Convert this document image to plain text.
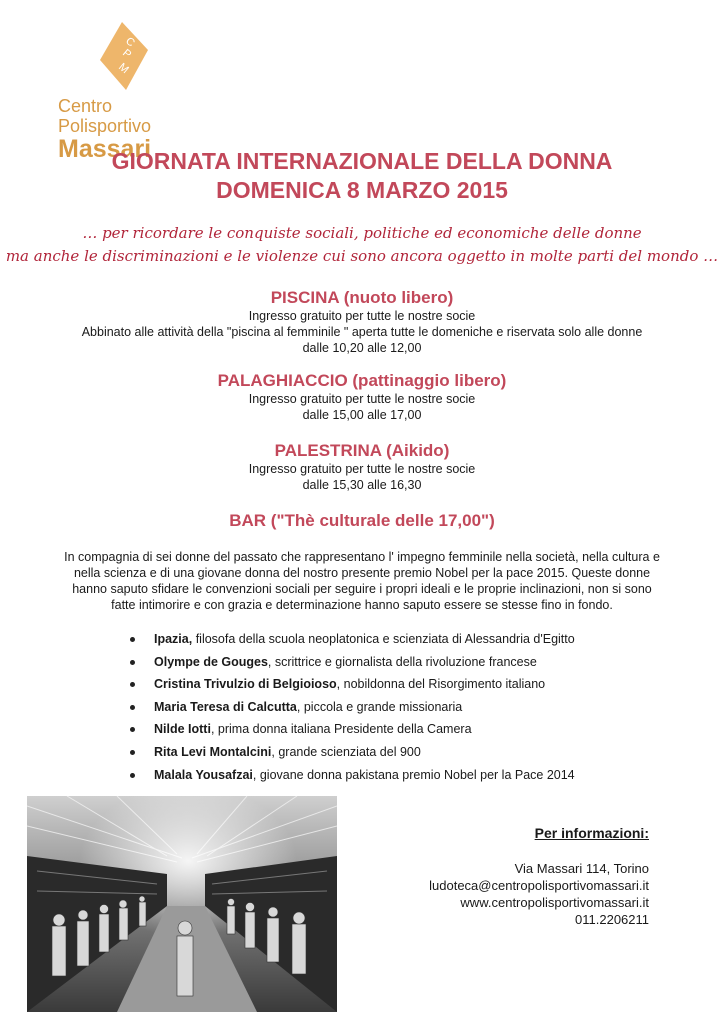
C
P
M
Centro
Polisportivo
Massari
GIORNATA INTERNAZIONALE DELLA DONNA
DOMENICA 8 MARZO 2015
… per ricordare le conquiste sociali, politiche ed economiche delle donne
ma anche le discriminazioni e le violenze cui sono ancora oggetto in molte parti del mondo …
PISCINA (nuoto libero)
Ingresso gratuito per tutte le nostre socie
Abbinato alle attività della "piscina al femminile " aperta tutte le domeniche e riservata solo alle donne
dalle 10,20 alle 12,00
PALAGHIACCIO (pattinaggio libero)
Ingresso gratuito per tutte le nostre socie
dalle 15,00 alle 17,00
PALESTRINA (Aikido)
Ingresso gratuito per tutte le nostre socie
dalle 15,30 alle 16,30
BAR ("Thè culturale delle 17,00")
In compagnia di sei donne del passato che rappresentano l' impegno femminile nella società, nella cultura e nella scienza e di una giovane donna del nostro presente premio Nobel per la pace 2015. Queste donne hanno saputo sfidare le convenzioni sociali per seguire i propri ideali e le proprie inclinazioni, non si sono fatte intimorire e con grazia e determinazione hanno saputo essere se stesse fino in fondo.
Ipazia, filosofa della scuola neoplatonica e scienziata di Alessandria d'Egitto
Olympe de Gouges, scrittrice e giornalista della rivoluzione francese
Cristina Trivulzio di Belgioioso, nobildonna del Risorgimento italiano
Maria Teresa di Calcutta, piccola e grande missionaria
Nilde Iotti, prima donna italiana Presidente della Camera
Rita Levi Montalcini, grande scienziata del 900
Malala Yousafzai, giovane donna pakistana premio Nobel per la Pace 2014
Per informazioni:
Via Massari 114, Torino
ludoteca@centropolisportivomassari.it
www.centropolisportivomassari.it
011.2206211
